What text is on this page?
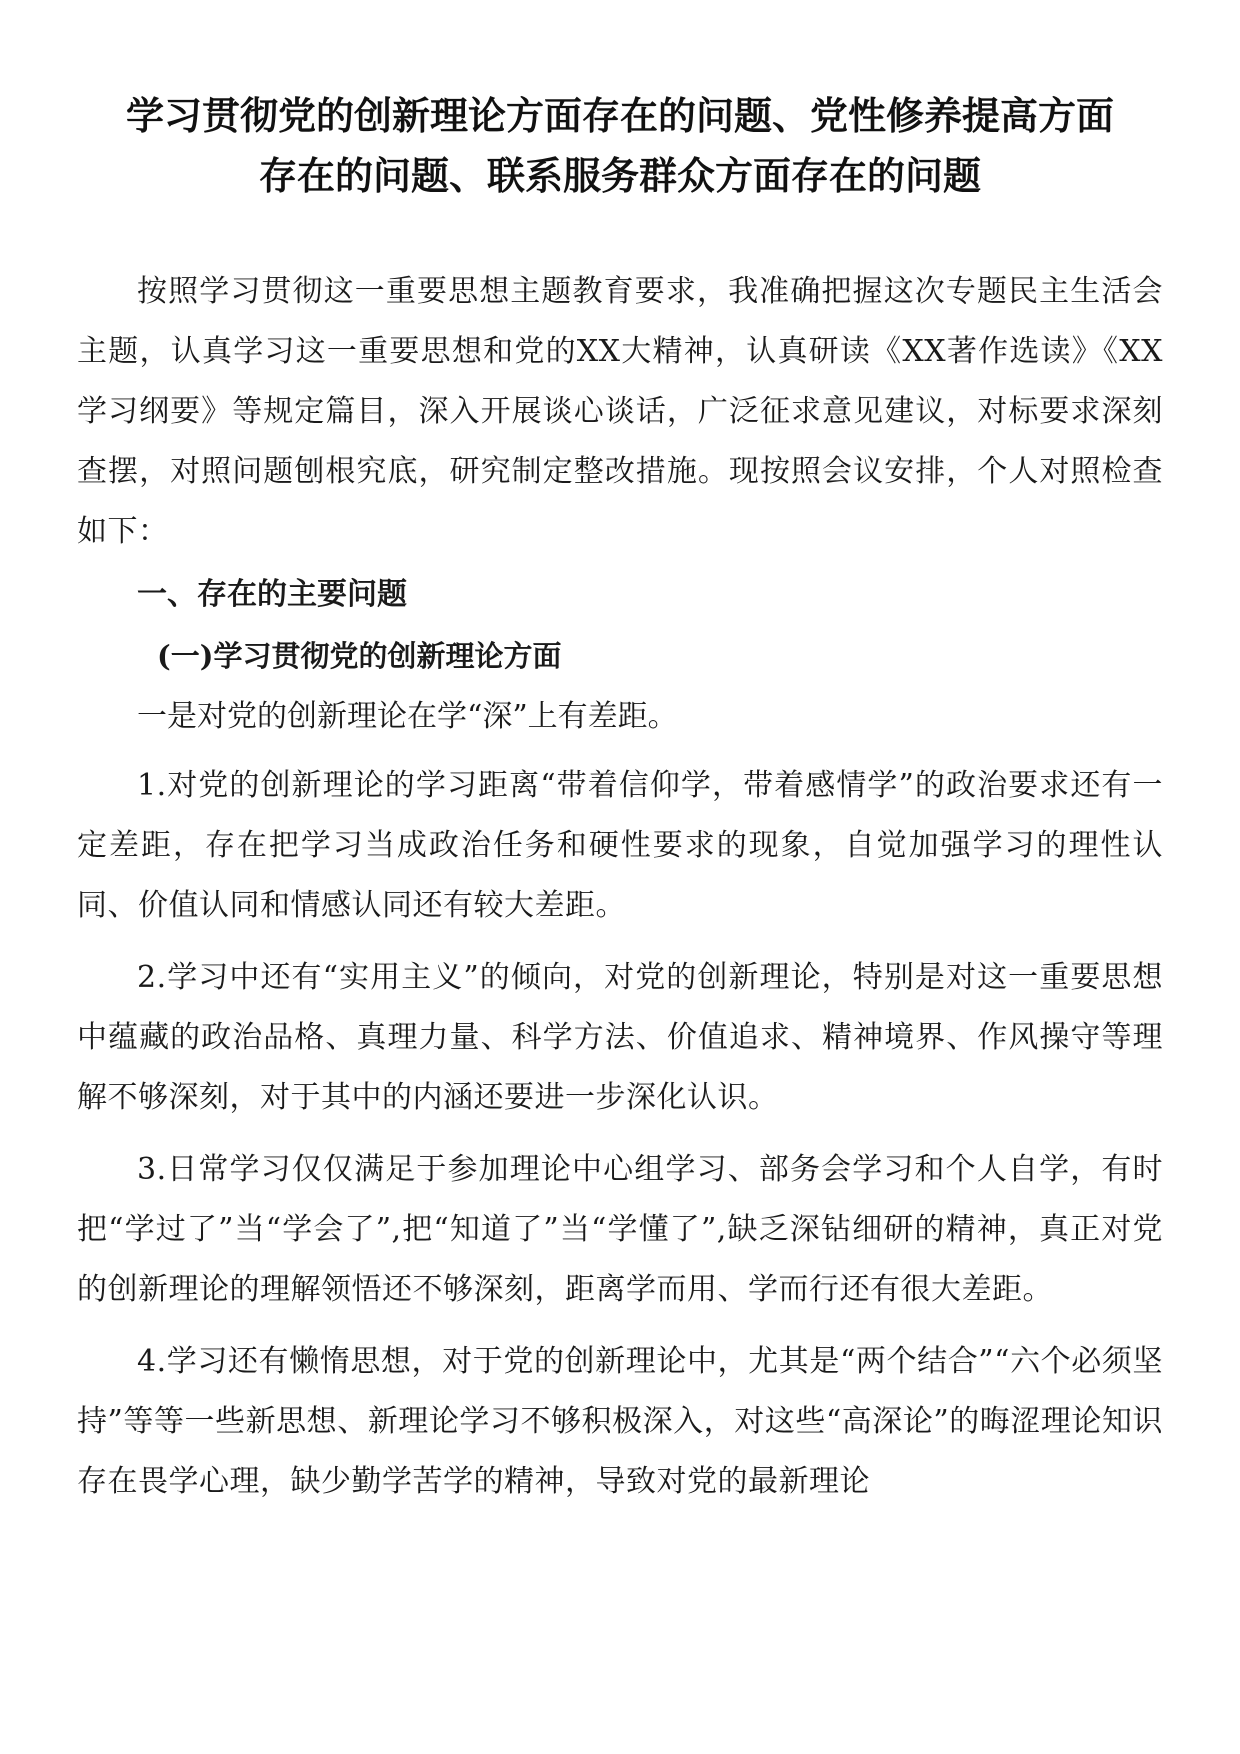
学习贯彻党的创新理论方面存在的问题、党性修养提高方面
存在的问题、联系服务群众方面存在的问题

按照学习贯彻这一重要思想主题教育要求，我准确把握这次专题民主生活会主题，认真学习这一重要思想和党的XX大精神，认真研读《XX著作选读》《XX学习纲要》等规定篇目，深入开展谈心谈话，广泛征求意见建议，对标要求深刻查摆，对照问题刨根究底，研究制定整改措施。现按照会议安排，个人对照检查如下：

一、存在的主要问题
(一)学习贯彻党的创新理论方面
一是对党的创新理论在学“深”上有差距。

1.对党的创新理论的学习距离“带着信仰学，带着感情学”的政治要求还有一定差距，存在把学习当成政治任务和硬性要求的现象，自觉加强学习的理性认同、价值认同和情感认同还有较大差距。

2.学习中还有“实用主义”的倾向，对党的创新理论，特别是对这一重要思想中蕴藏的政治品格、真理力量、科学方法、价值追求、精神境界、作风操守等理解不够深刻，对于其中的内涵还要进一步深化认识。

3.日常学习仅仅满足于参加理论中心组学习、部务会学习和个人自学，有时把“学过了”当“学会了”,把“知道了”当“学懂了”,缺乏深钻细研的精神，真正对党的创新理论的理解领悟还不够深刻，距离学而用、学而行还有很大差距。

4.学习还有懒惰思想，对于党的创新理论中，尤其是“两个结合”“六个必须坚持”等等一些新思想、新理论学习不够积极深入，对这些“高深论”的晦涩理论知识存在畏学心理，缺少勤学苦学的精神，导致对党的最新理论
